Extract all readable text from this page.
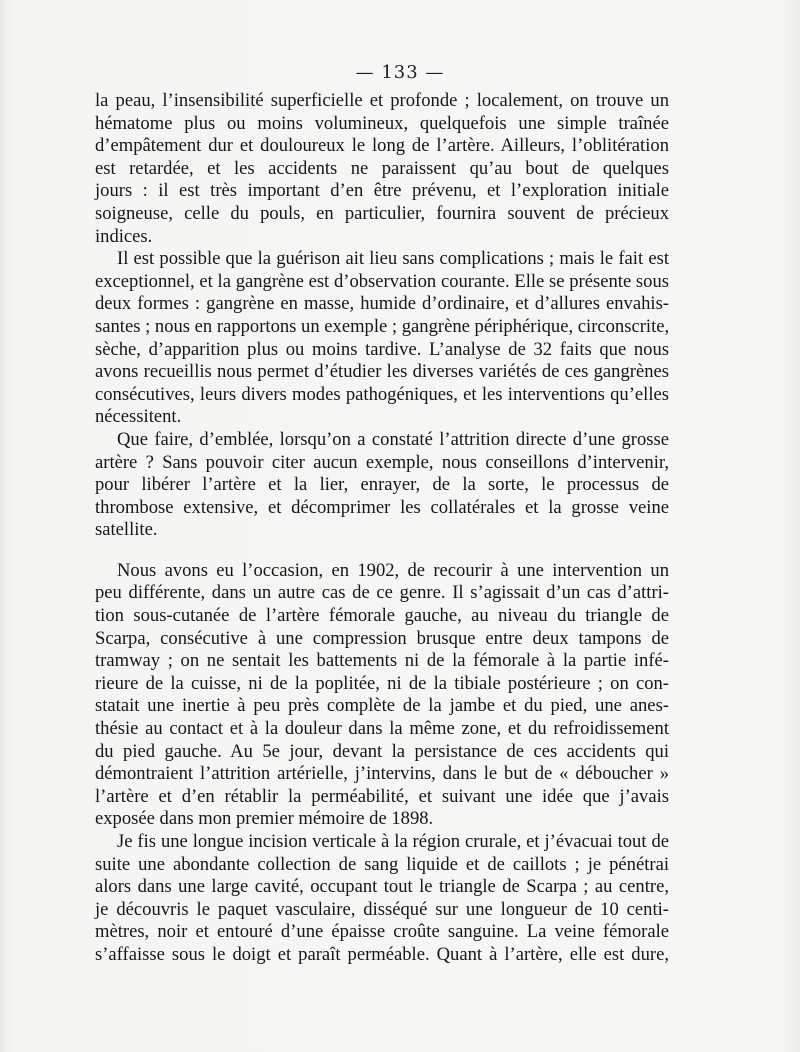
— 133 —
la peau, l’insensibilité superficielle et profonde ; localement, on trouve un
hématome plus ou moins volumineux, quelquefois une simple traînée
d’empâtement dur et douloureux le long de l’artère. Ailleurs, l’oblitération
est retardée, et les accidents ne paraissent qu’au bout de quelques
jours : il est très important d’en être prévenu, et l’exploration initiale
soigneuse, celle du pouls, en particulier, fournira souvent de précieux
indices.
Il est possible que la guérison ait lieu sans complications ; mais le fait est
exceptionnel, et la gangrène est d’observation courante. Elle se présente sous
deux formes : gangrène en masse, humide d’ordinaire, et d’allures envahis-
santes ; nous en rapportons un exemple ; gangrène périphérique, circonscrite,
sèche, d’apparition plus ou moins tardive. L’analyse de 32 faits que nous
avons recueillis nous permet d’étudier les diverses variétés de ces gangrènes
consécutives, leurs divers modes pathogéniques, et les interventions qu’elles
nécessitent.
Que faire, d’emblée, lorsqu’on a constaté l’attrition directe d’une grosse
artère ? Sans pouvoir citer aucun exemple, nous conseillons d’intervenir,
pour libérer l’artère et la lier, enrayer, de la sorte, le processus de
thrombose extensive, et décomprimer les collatérales et la grosse veine
satellite.
Nous avons eu l’occasion, en 1902, de recourir à une intervention un
peu différente, dans un autre cas de ce genre. Il s’agissait d’un cas d’attri-
tion sous-cutanée de l’artère fémorale gauche, au niveau du triangle de
Scarpa, consécutive à une compression brusque entre deux tampons de
tramway ; on ne sentait les battements ni de la fémorale à la partie infé-
rieure de la cuisse, ni de la poplitée, ni de la tibiale postérieure ; on con-
statait une inertie à peu près complète de la jambe et du pied, une anes-
thésie au contact et à la douleur dans la même zone, et du refroidissement
du pied gauche. Au 5e jour, devant la persistance de ces accidents qui
démontraient l’attrition artérielle, j’intervins, dans le but de « déboucher »
l’artère et d’en rétablir la perméabilité, et suivant une idée que j’avais
exposée dans mon premier mémoire de 1898.
Je fis une longue incision verticale à la région crurale, et j’évacuai tout de
suite une abondante collection de sang liquide et de caillots ; je pénétrai
alors dans une large cavité, occupant tout le triangle de Scarpa ; au centre,
je découvris le paquet vasculaire, disséqué sur une longueur de 10 centi-
mètres, noir et entouré d’une épaisse croûte sanguine. La veine fémorale
s’affaisse sous le doigt et paraît perméable. Quant à l’artère, elle est dure,
